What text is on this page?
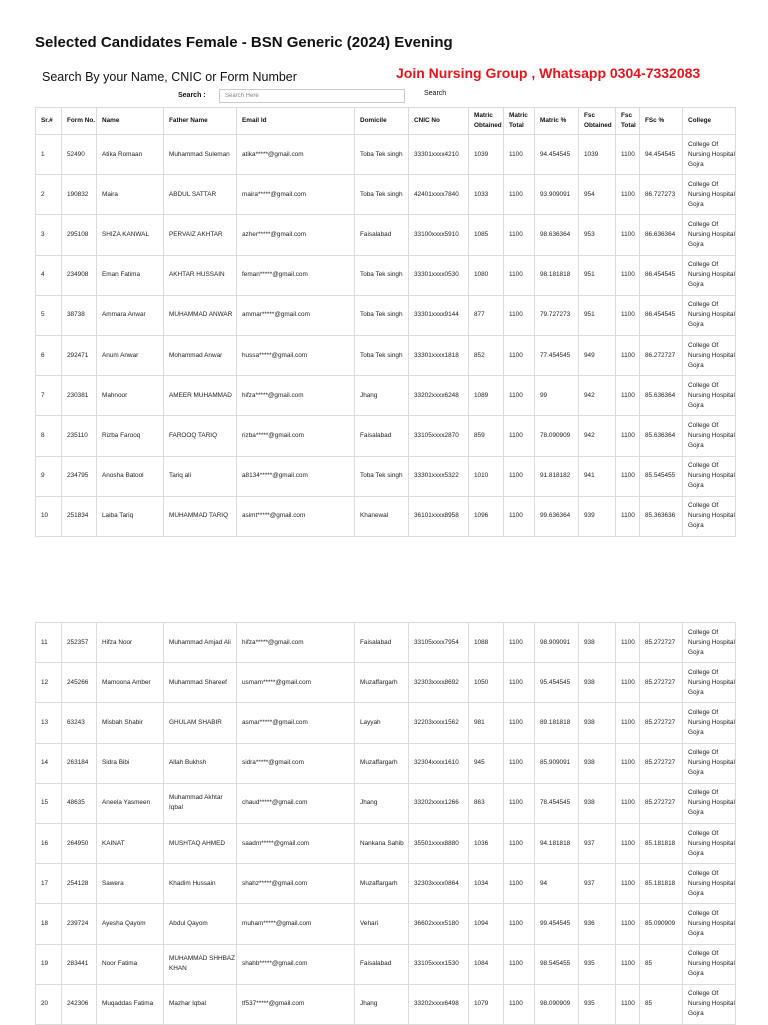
Selected Candidates Female - BSN Generic (2024) Evening
Search By your Name, CNIC or Form Number	Join Nursing Group , Whatsapp 0304-7332083
Search :
Search Here	Search
Sr.#	Form No.	Name	Father Name	Email Id	Domicile	CNIC No	Matric Obtained	Matric Total	Matric %	Fsc Obtained	Fsc Total	FSc %	College
1	52490	Atika Romaan	Muhammad Suleman	atika*****@gmail.com	Toba Tek singh	33301xxxx4210	1039	1100	94.454545	1039	1100	94.454545	College Of Nursing Hospital Gojra
2	190832	Maira	ABDUL SATTAR	maira*****@gmail.com	Toba Tek singh	42401xxxx7840	1033	1100	93.909091	954	1100	86.727273	College Of Nursing Hospital Gojra
3	295108	SHIZA KANWAL	PERVAIZ AKHTAR	azher*****@gmail.com	Faisalabad	33100xxxx5910	1085	1100	98.636364	953	1100	86.636364	College Of Nursing Hospital Gojra
4	234908	Eman Fatima	AKHTAR HUSSAIN	feman*****@gmail.com	Toba Tek singh	33301xxxx0530	1080	1100	98.181818	951	1100	86.454545	College Of Nursing Hospital Gojra
5	38738	Ammara Anwar	MUHAMMAD ANWAR	ammar*****@gmail.com	Toba Tek singh	33301xxxx9144	877	1100	79.727273	951	1100	86.454545	College Of Nursing Hospital Gojra
6	292471	Anum Anwar	Mohammad Anwar	hussa*****@gmail.com	Toba Tek singh	33301xxxx1818	852	1100	77.454545	949	1100	86.272727	College Of Nursing Hospital Gojra
7	230381	Mahnoor	AMEER MUHAMMAD	hifza*****@gmail.com	Jhang	33202xxxx6248	1089	1100	99	942	1100	85.636364	College Of Nursing Hospital Gojra
8	235110	Rizba Farooq	FAROOQ TARIQ	rizba*****@gmail.com	Faisalabad	33105xxxx2870	859	1100	78.090909	942	1100	85.636364	College Of Nursing Hospital Gojra
9	234795	Anosha Batool	Tariq ali	a8134*****@gmail.com	Toba Tek singh	33301xxxx5322	1010	1100	91.818182	941	1100	85.545455	College Of Nursing Hospital Gojra
10	251834	Laiba Tariq	MUHAMMAD TARIQ	asimt*****@gmail.com	Khanewal	36101xxxx8958	1096	1100	99.636364	939	1100	85.363636	College Of Nursing Hospital Gojra
11	252357	Hifza Noor	Muhammad Amjad Ali	hifza*****@gmail.com	Faisalabad	33105xxxx7954	1088	1100	98.909091	938	1100	85.272727	College Of Nursing Hospital Gojra
12	245266	Mamoona Amber	Muhammad Shareef	usmam*****@gmail.com	Muzaffargarh	32303xxxx8692	1050	1100	95.454545	938	1100	85.272727	College Of Nursing Hospital Gojra
13	63243	Misbah Shabir	GHULAM SHABIR	asmar*****@gmail.com	Layyah	32203xxxx1562	981	1100	89.181818	938	1100	85.272727	College Of Nursing Hospital Gojra
14	263184	Sidra Bibi	Allah Bukhsh	sidra*****@gmail.com	Muzaffargarh	32304xxxx1610	945	1100	85.909091	938	1100	85.272727	College Of Nursing Hospital Gojra
15	48635	Aneela Yasmeen	Muhammad Akhtar Iqbal	chaud*****@gmail.com	Jhang	33202xxxx1266	863	1100	78.454545	938	1100	85.272727	College Of Nursing Hospital Gojra
16	264950	KAINAT	MUSHTAQ AHMED	saadm*****@gmail.com	Nankana Sahib	35501xxxx8880	1036	1100	94.181818	937	1100	85.181818	College Of Nursing Hospital Gojra
17	254128	Sawera	Khadim Hussain	shahz*****@gmail.com	Muzaffargarh	32303xxxx0864	1034	1100	94	937	1100	85.181818	College Of Nursing Hospital Gojra
18	239724	Ayesha Qayom	Abdul Qayom	muham*****@gmail.com	Vehari	36602xxxx5180	1094	1100	99.454545	936	1100	85.090909	College Of Nursing Hospital Gojra
19	283441	Noor Fatima	MUHAMMAD SHHBAZ KHAN	shahb*****@gmail.com	Faisalabad	33105xxxx1530	1084	1100	98.545455	935	1100	85	College Of Nursing Hospital Gojra
20	242306	Muqaddas Fatima	Mazhar Iqbal	tf537*****@gmail.com	Jhang	33202xxxx6498	1079	1100	98.090909	935	1100	85	College Of Nursing Hospital Gojra
